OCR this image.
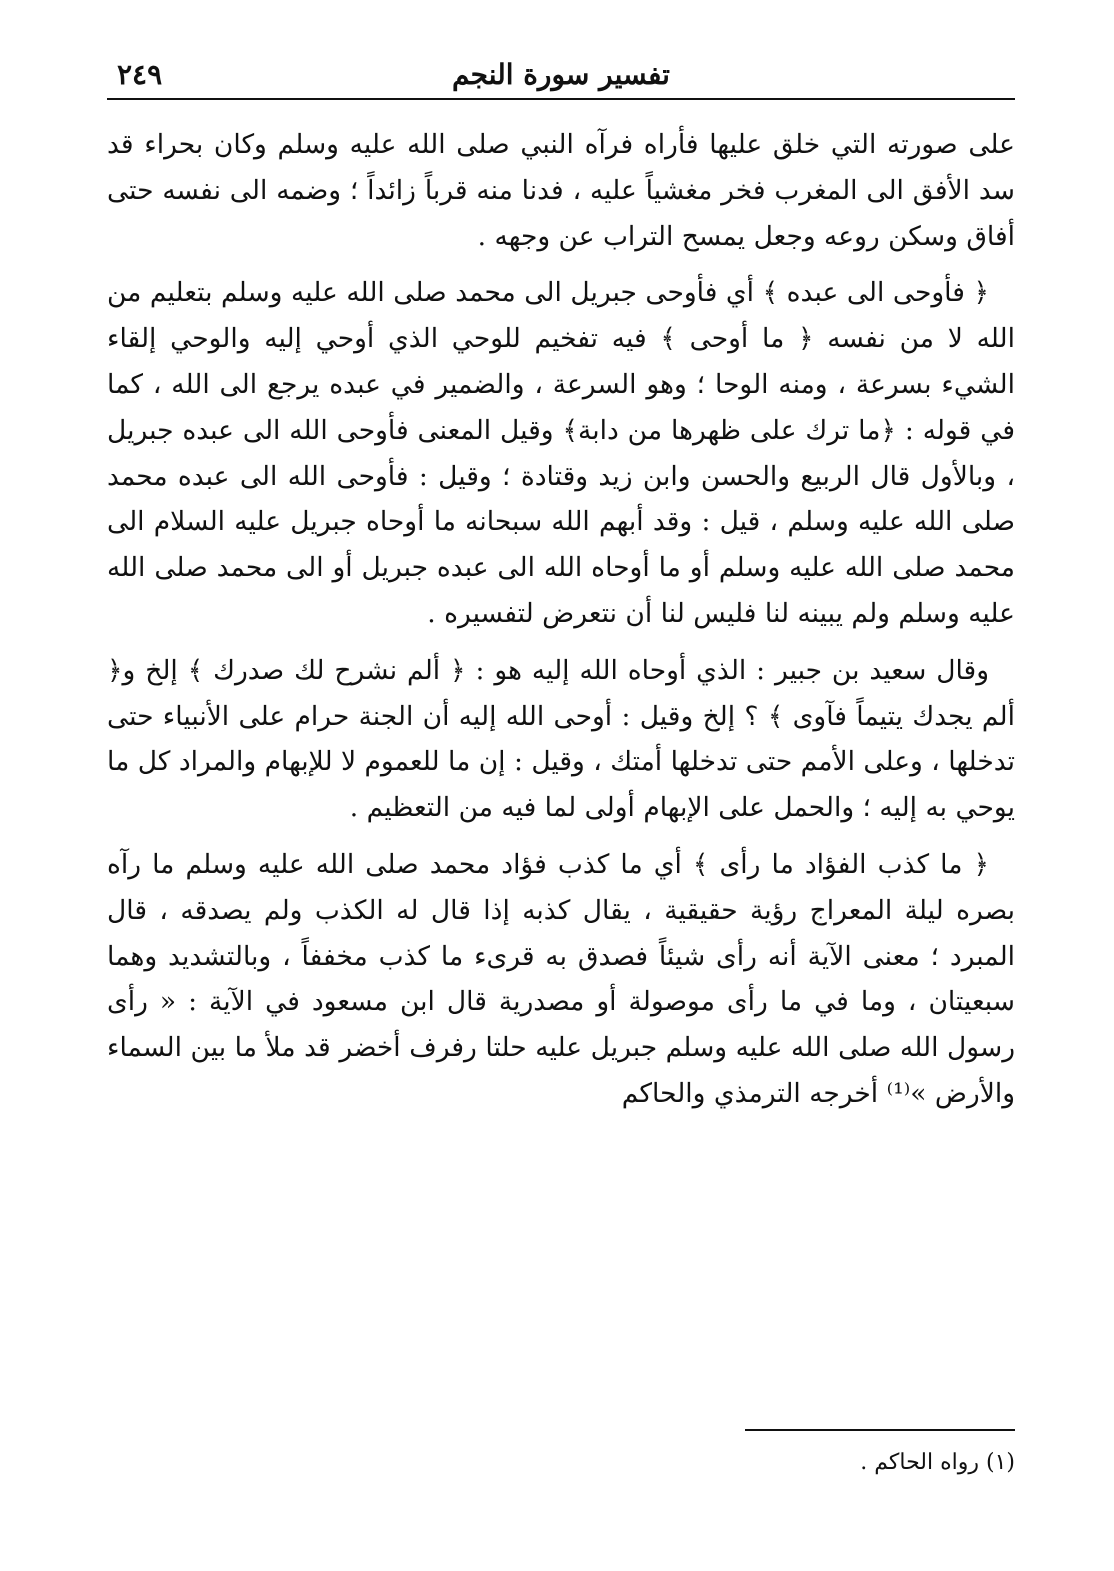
٢٤٩	تفسير سورة النجم

على صورته التي خلق عليها فأراه فرآه النبي صلى الله عليه وسلم وكان بحراء قد سد الأفق الى المغرب فخر مغشياً عليه ، فدنا منه قرباً زائداً ؛ وضمه الى نفسه حتى أفاق وسكن روعه وجعل يمسح التراب عن وجهه .

﴿ فأوحى الى عبده ﴾ أي فأوحى جبريل الى محمد صلى الله عليه وسلم بتعليم من الله لا من نفسه ﴿ ما أوحى ﴾ فيه تفخيم للوحي الذي أوحي إليه والوحي إلقاء الشيء بسرعة ، ومنه الوحا ؛ وهو السرعة ، والضمير في عبده يرجع الى الله ، كما في قوله : ﴿ما ترك على ظهرها من دابة﴾ وقيل المعنى فأوحى الله الى عبده جبريل ، وبالأول قال الربيع والحسن وابن زيد وقتادة ؛ وقيل : فأوحى الله الى عبده محمد صلى الله عليه وسلم ، قيل : وقد أبهم الله سبحانه ما أوحاه جبريل عليه السلام الى محمد صلى الله عليه وسلم أو ما أوحاه الله الى عبده جبريل أو الى محمد صلى الله عليه وسلم ولم يبينه لنا فليس لنا أن نتعرض لتفسيره .

وقال سعيد بن جبير : الذي أوحاه الله إليه هو : ﴿ ألم نشرح لك صدرك ﴾ إلخ و﴿ ألم يجدك يتيماً فآوى ﴾ ؟ إلخ وقيل : أوحى الله إليه أن الجنة حرام على الأنبياء حتى تدخلها ، وعلى الأمم حتى تدخلها أمتك ، وقيل : إن ما للعموم لا للإبهام والمراد كل ما يوحي به إليه ؛ والحمل على الإبهام أولى لما فيه من التعظيم .

﴿ ما كذب الفؤاد ما رأى ﴾ أي ما كذب فؤاد محمد صلى الله عليه وسلم ما رآه بصره ليلة المعراج رؤية حقيقية ، يقال كذبه إذا قال له الكذب ولم يصدقه ، قال المبرد ؛ معنى الآية أنه رأى شيئاً فصدق به قرىء ما كذب مخففاً ، وبالتشديد وهما سبعيتان ، وما في ما رأى موصولة أو مصدرية قال ابن مسعود في الآية : « رأى رسول الله صلى الله عليه وسلم جبريل عليه حلتا رفرف أخضر قد ملأ ما بين السماء والأرض »⁽¹⁾ أخرجه الترمذي والحاكم

(١) رواه الحاكم .
